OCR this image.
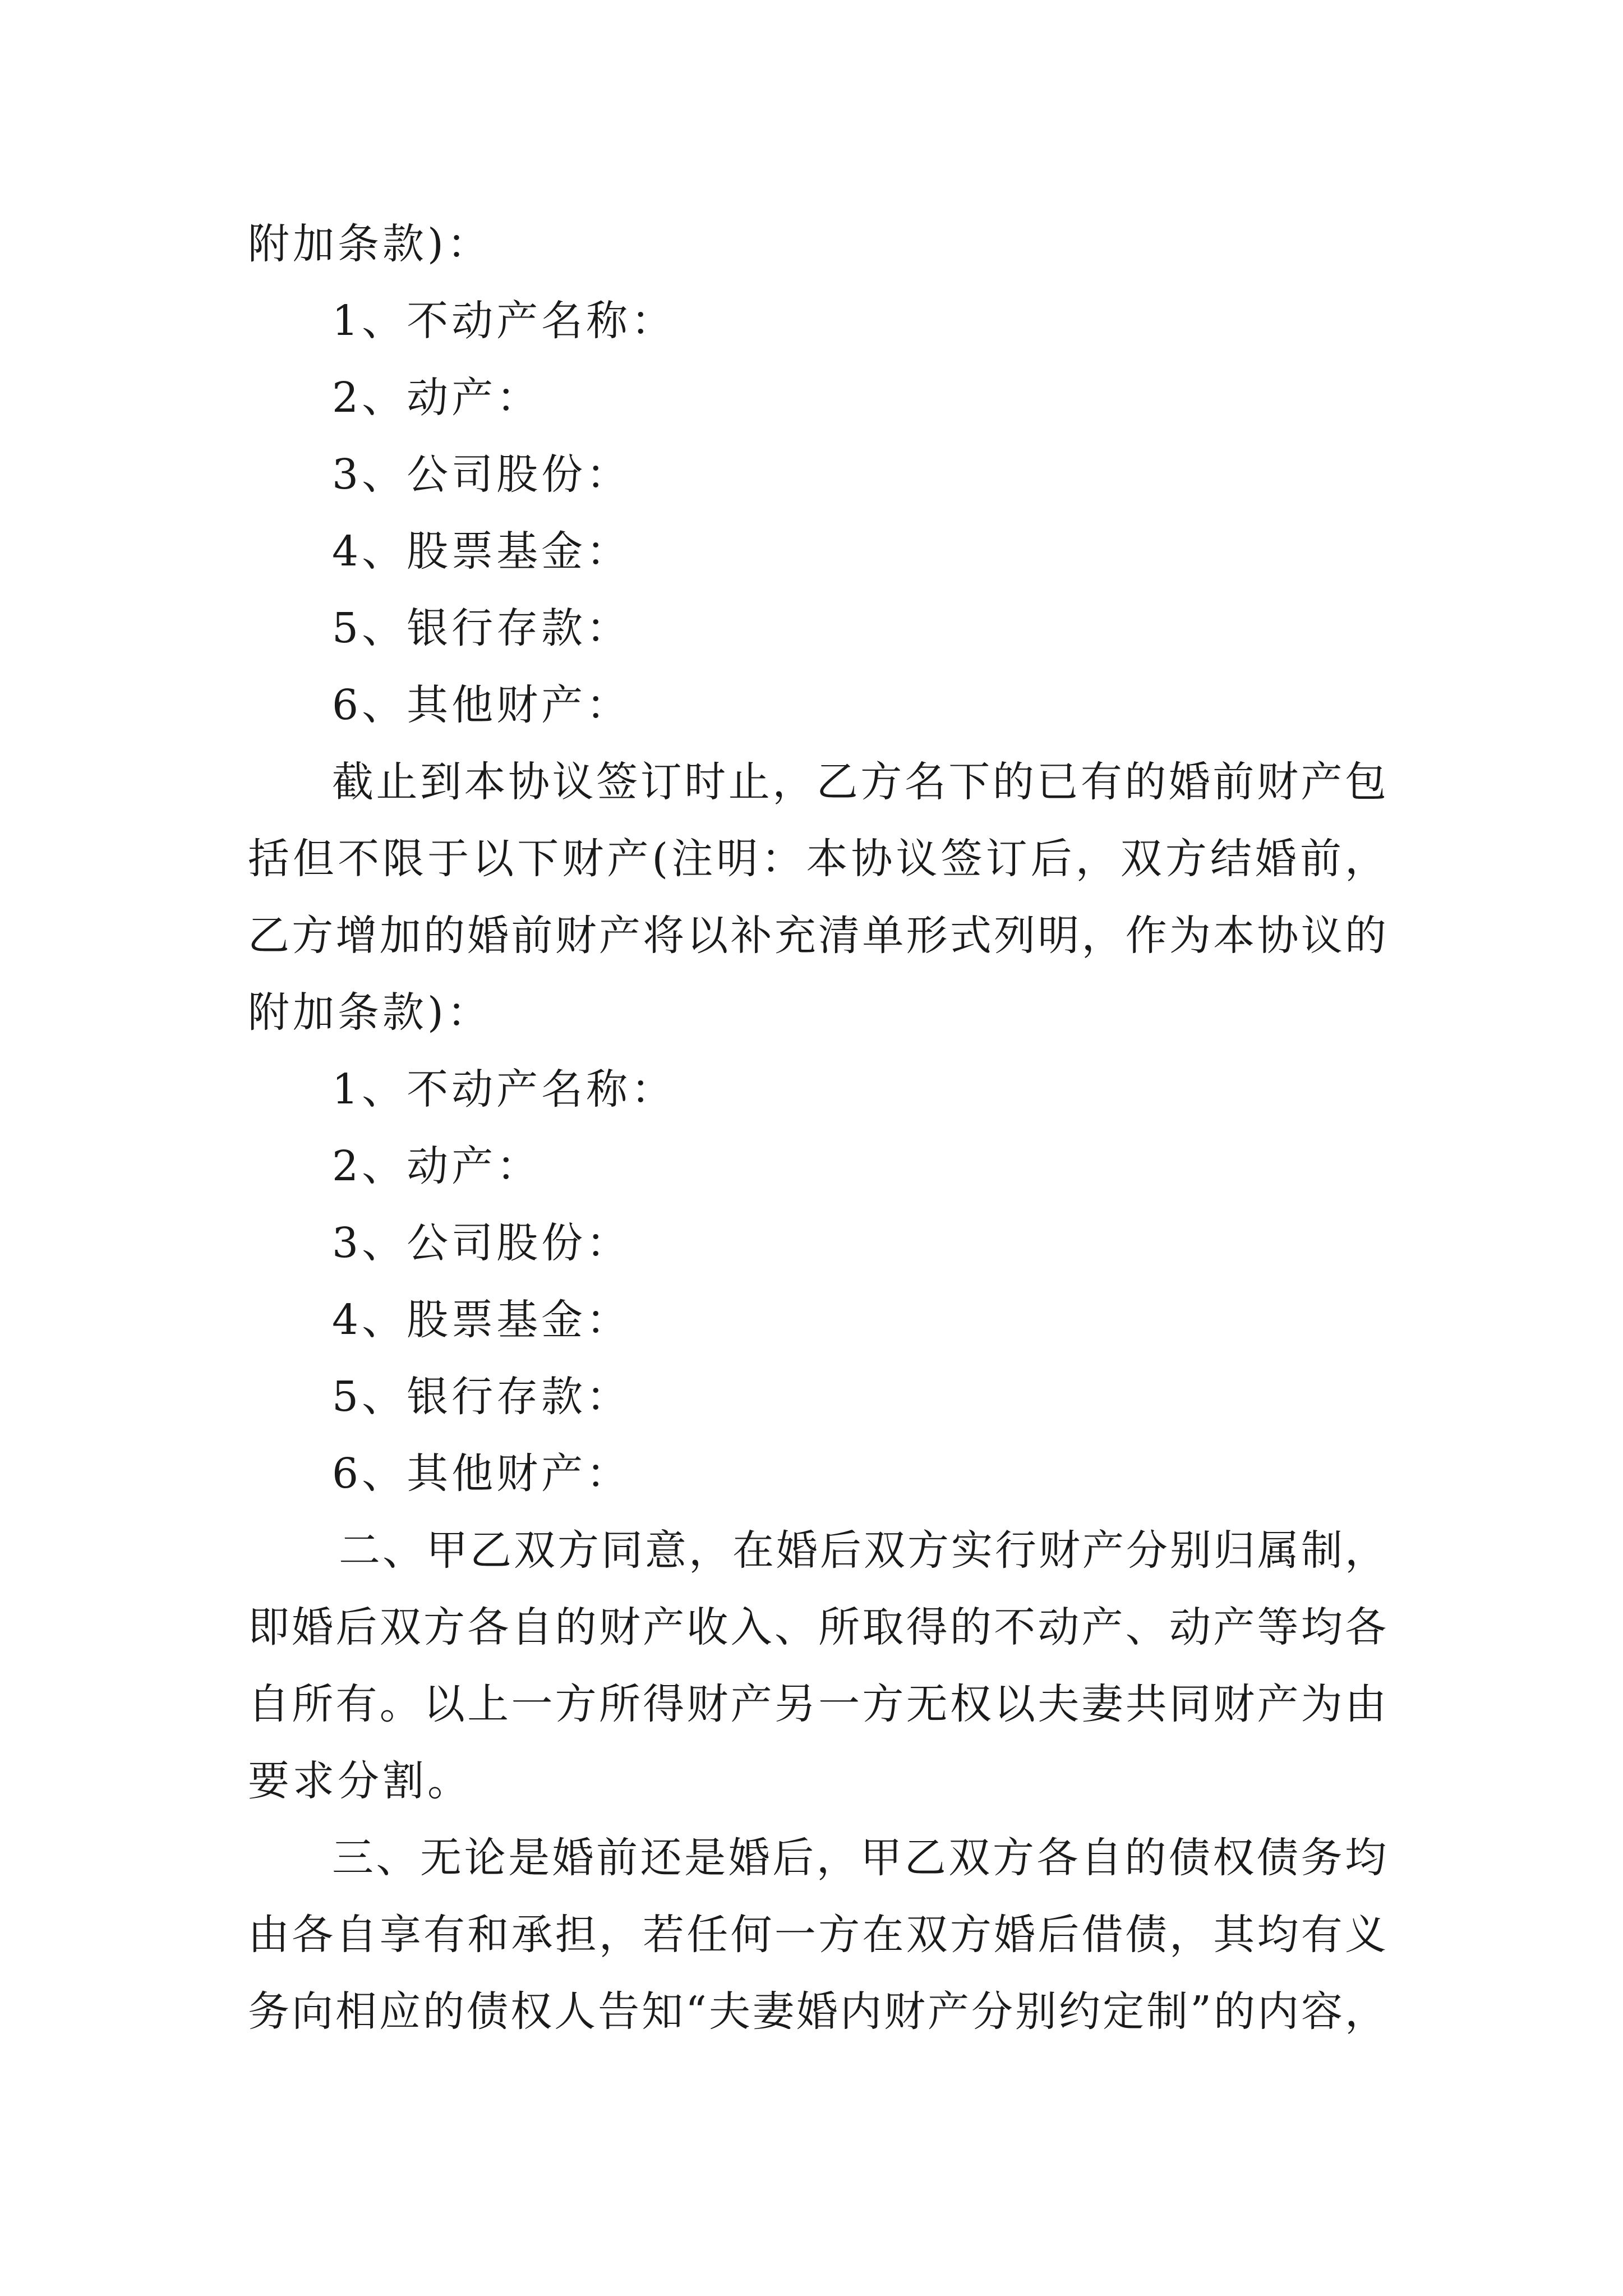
附加条款)：
1、不动产名称：
2、动产：
3、公司股份：
4、股票基金：
5、银行存款：
6、其他财产：
截止到本协议签订时止，乙方名下的已有的婚前财产包
括但不限于以下财产(注明：本协议签订后，双方结婚前，
乙方增加的婚前财产将以补充清单形式列明，作为本协议的
附加条款)：
1、不动产名称：
2、动产：
3、公司股份：
4、股票基金：
5、银行存款：
6、其他财产：
二、甲乙双方同意，在婚后双方实行财产分别归属制，
即婚后双方各自的财产收入、所取得的不动产、动产等均各
自所有。以上一方所得财产另一方无权以夫妻共同财产为由
要求分割。
三、无论是婚前还是婚后，甲乙双方各自的债权债务均
由各自享有和承担，若任何一方在双方婚后借债，其均有义
务向相应的债权人告知“夫妻婚内财产分别约定制”的内容，
